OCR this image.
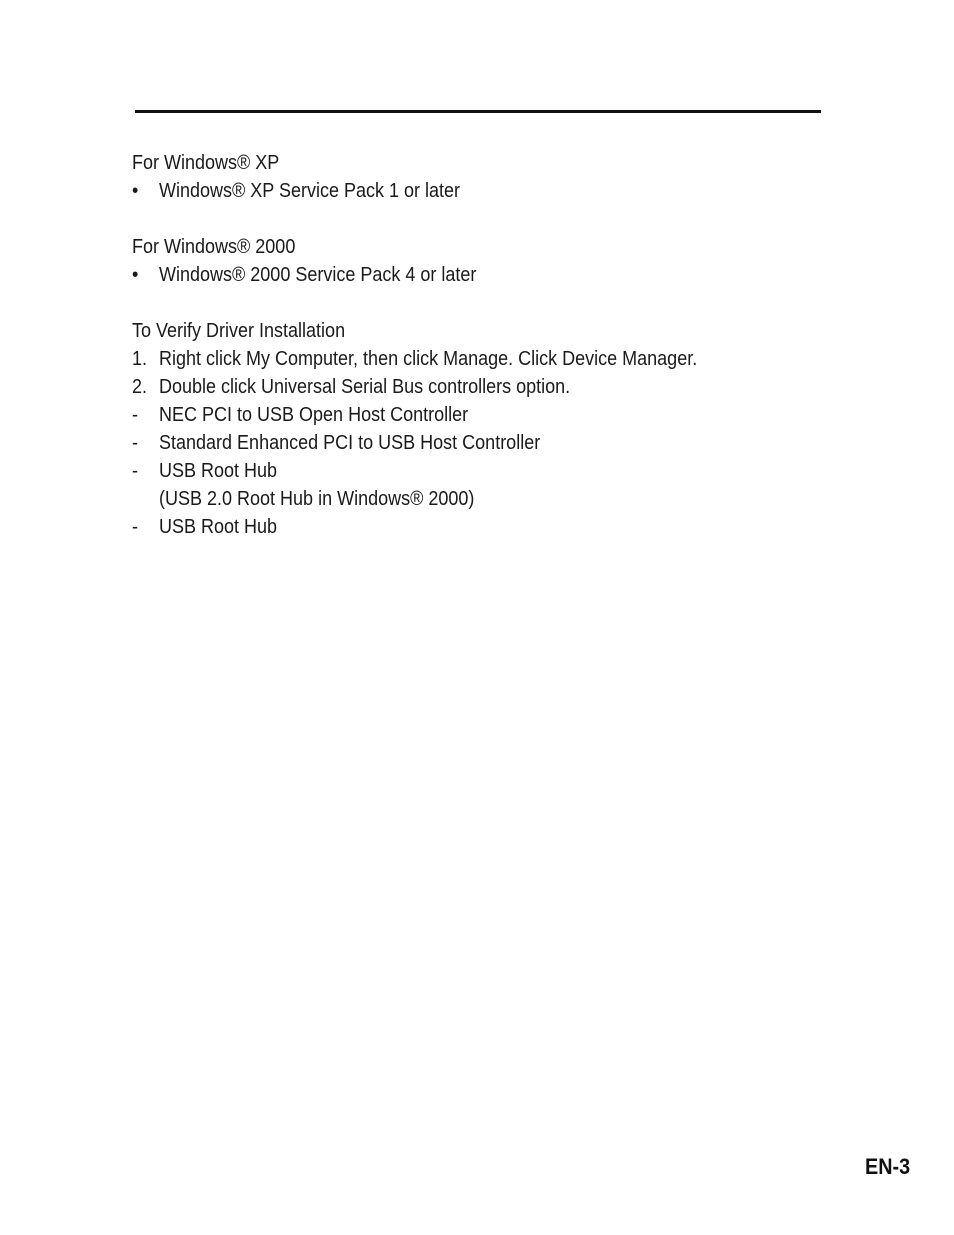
For Windows® XP
• Windows® XP Service Pack 1 or later
For Windows® 2000
• Windows® 2000 Service Pack 4 or later
To Verify Driver Installation
1. Right click My Computer, then click Manage. Click Device Manager.
2. Double click Universal Serial Bus controllers option.
- NEC PCI to USB Open Host Controller
- Standard Enhanced PCI to USB Host Controller
- USB Root Hub
(USB 2.0 Root Hub in Windows® 2000)
- USB Root Hub
EN-3
